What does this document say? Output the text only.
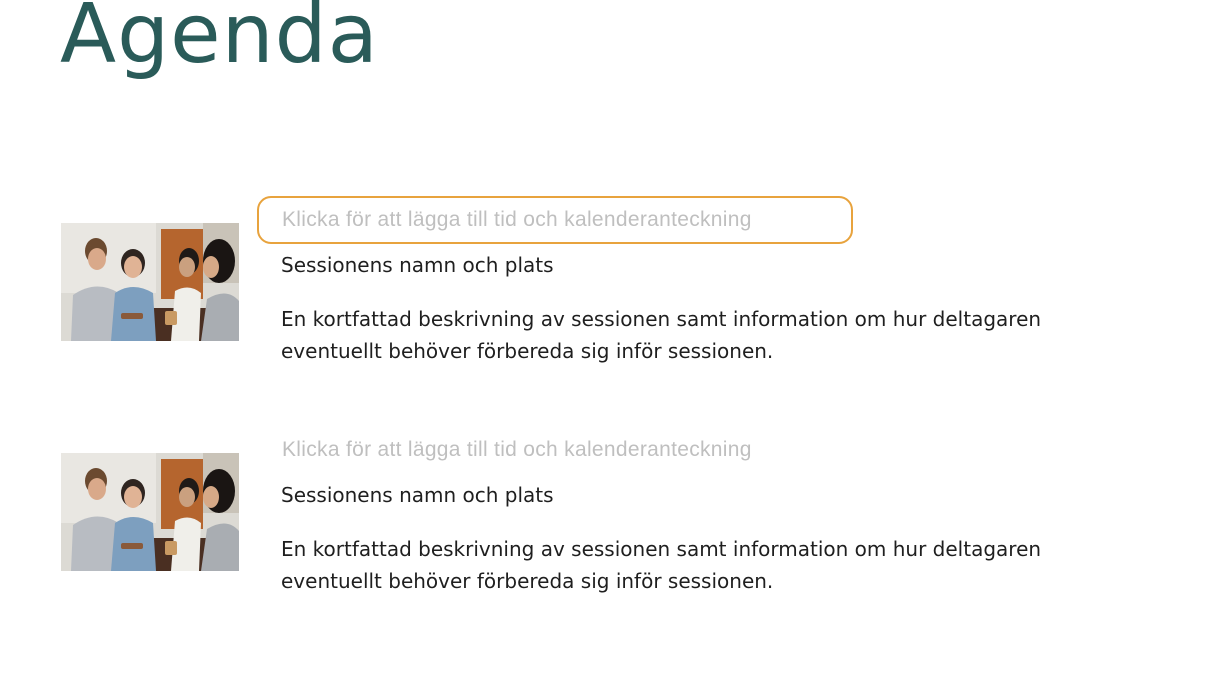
Agenda
Klicka för att lägga till tid och kalenderanteckning

Sessionens namn och plats

En kortfattad beskrivning av sessionen samt information om hur deltagaren eventuellt behöver förbereda sig inför sessionen.

Klicka för att lägga till tid och kalenderanteckning

Sessionens namn och plats

En kortfattad beskrivning av sessionen samt information om hur deltagaren eventuellt behöver förbereda sig inför sessionen.
